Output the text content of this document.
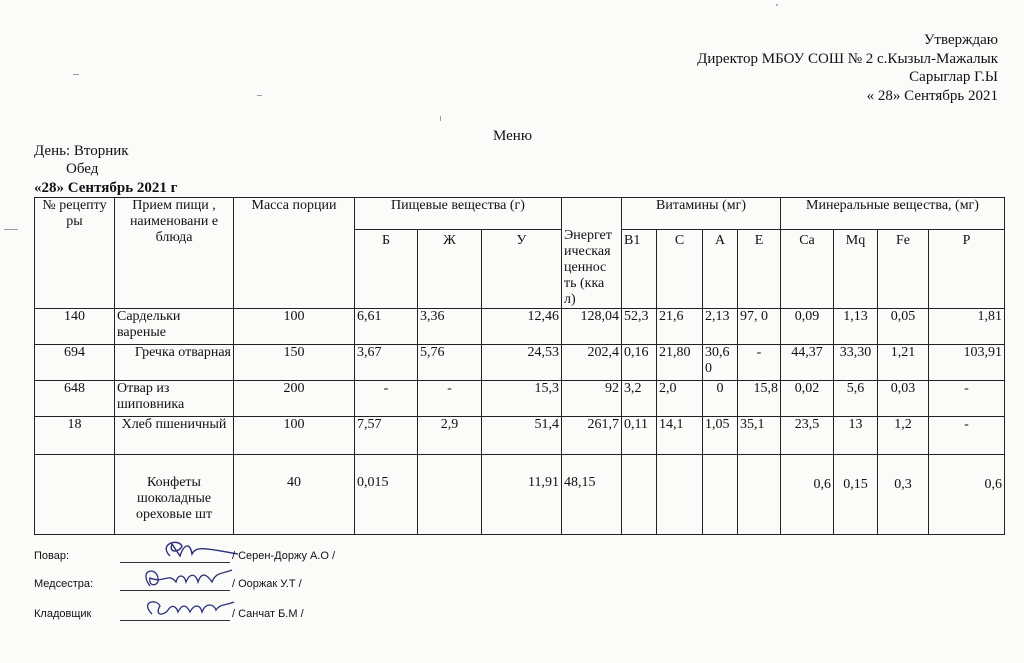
Утверждаю
Директор МБОУ СОШ № 2 с.Кызыл-Мажалык
Сарыглар Г.Ы
« 28» Сентябрь 2021
Меню
День: Вторник
Обед
«28» Сентябрь 2021 г
№ рецепту ры	Прием пищи , наименовани е блюда	Масса порции	Пищевые вещества (г)			Энергет ическая ценнос ть (кка л)	Витамины (мг)				Минеральные вещества, (мг)			
			Б	Ж	У		В1	С	А	Е	Са	Mq	Fe	Р
140	Сардельки вареные	100	6,61	3,36	12,46	128,04	52,3	21,6	2,13	97, 0	0,09	1,13	0,05	1,81
694	Гречка отварная	150	3,67	5,76	24,53	202,4	0,16	21,80	30,6 0	-	44,37	33,30	1,21	103,91
648	Отвар из шиповника	200	-	-	15,3	92	3,2	2,0	0	15,8	0,02	5,6	0,03	-
18	Хлеб пшеничный	100	7,57	2,9	51,4	261,7	0,11	14,1	1,05	35,1	23,5	13	1,2	-
	Конфеты шоколадные ореховые шт	40	0,015		11,91	48,15					0,6	0,15	0,3	0,6
Повар:	/ Серен-Доржу А.О /
Медсестра:	/ Ооржак У.Т /
Кладовщик	/ Санчат Б.М /
